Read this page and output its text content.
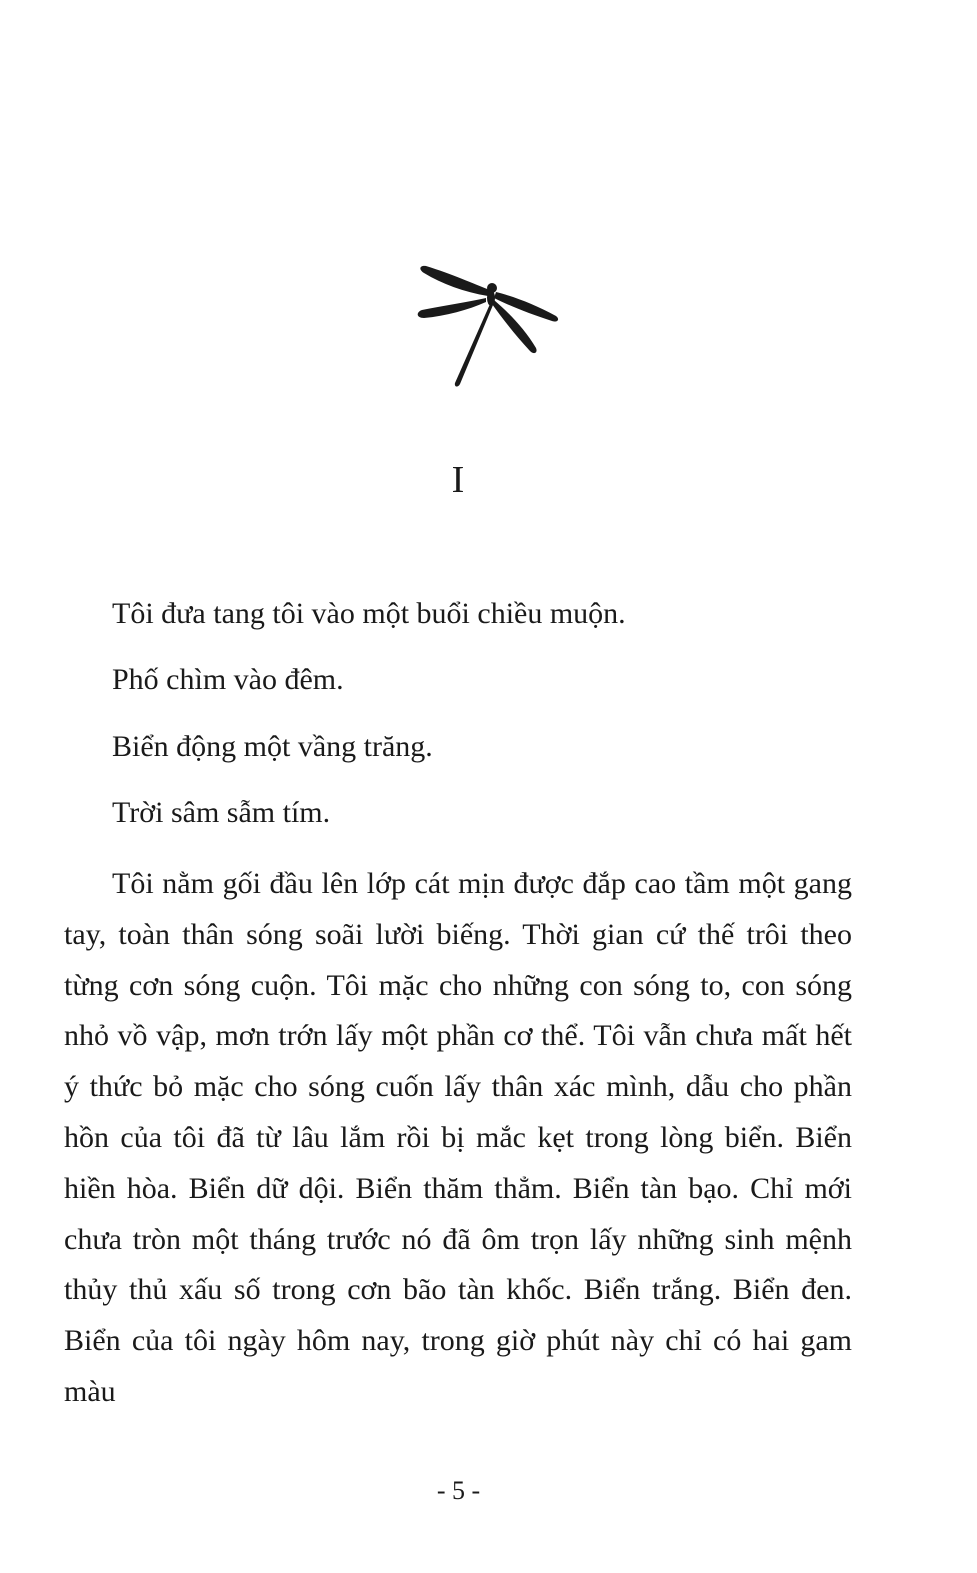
I
Tôi đưa tang tôi vào một buổi chiều muộn.
Phố chìm vào đêm.
Biển động một vầng trăng.
Trời sâm sẫm tím.
Tôi nằm gối đầu lên lớp cát mịn được đắp cao tầm một gang tay, toàn thân sóng soãi lười biếng. Thời gian cứ thế trôi theo từng cơn sóng cuộn. Tôi mặc cho những con sóng to, con sóng nhỏ vồ vập, mơn trớn lấy một phần cơ thể. Tôi vẫn chưa mất hết ý thức bỏ mặc cho sóng cuốn lấy thân xác mình, dẫu cho phần hồn của tôi đã từ lâu lắm rồi bị mắc kẹt trong lòng biển. Biển hiền hòa. Biển dữ dội. Biển thăm thẳm. Biển tàn bạo. Chỉ mới chưa tròn một tháng trước nó đã ôm trọn lấy những sinh mệnh thủy thủ xấu số trong cơn bão tàn khốc. Biển trắng. Biển đen. Biển của tôi ngày hôm nay, trong giờ phút này chỉ có hai gam màu
- 5 -
